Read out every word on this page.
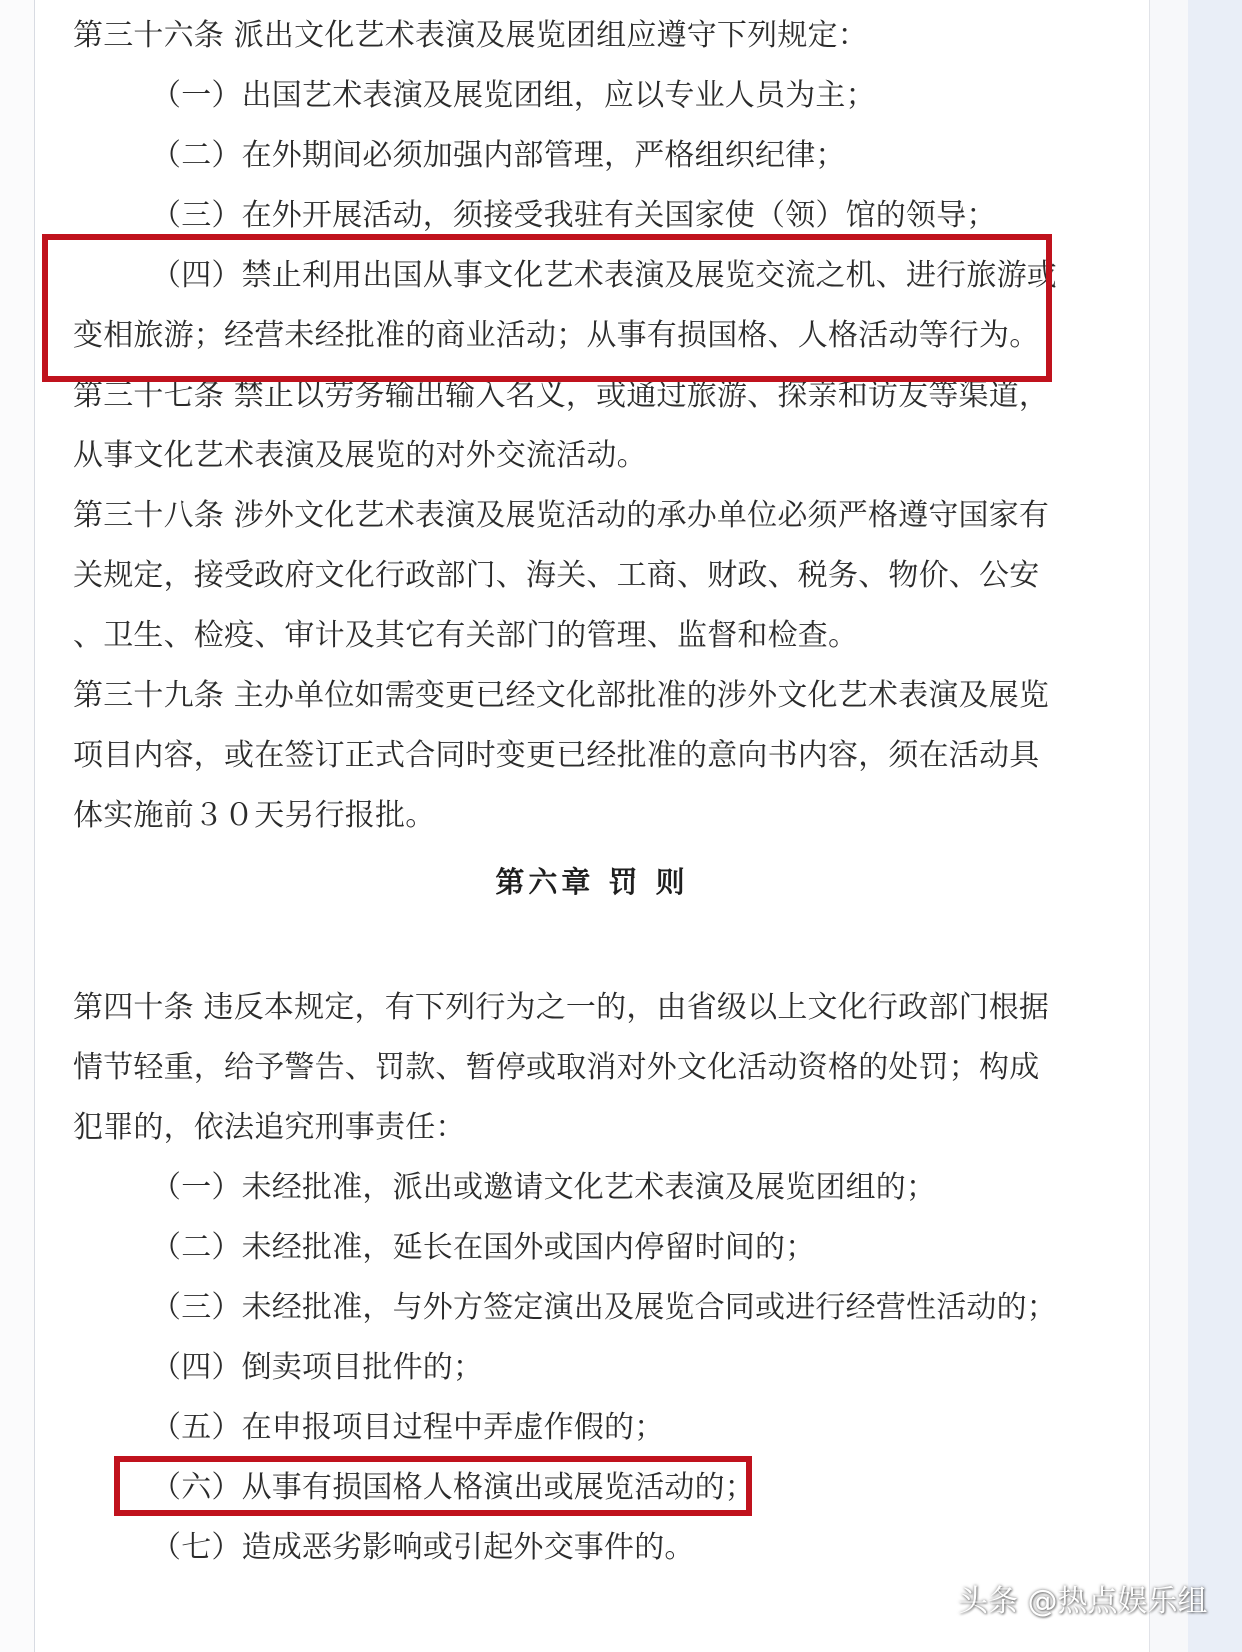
第三十六条 派出文化艺术表演及展览团组应遵守下列规定：
（一）出国艺术表演及展览团组，应以专业人员为主；
（二）在外期间必须加强内部管理，严格组织纪律；
（三）在外开展活动，须接受我驻有关国家使（领）馆的领导；
（四）禁止利用出国从事文化艺术表演及展览交流之机、进行旅游或
变相旅游；经营未经批准的商业活动；从事有损国格、人格活动等行为。
第三十七条 禁止以劳务输出输入名义，或通过旅游、探亲和访友等渠道，
从事文化艺术表演及展览的对外交流活动。
第三十八条 涉外文化艺术表演及展览活动的承办单位必须严格遵守国家有
关规定，接受政府文化行政部门、海关、工商、财政、税务、物价、公安
、卫生、检疫、审计及其它有关部门的管理、监督和检查。
第三十九条 主办单位如需变更已经文化部批准的涉外文化艺术表演及展览
项目内容，或在签订正式合同时变更已经批准的意向书内容，须在活动具
体实施前３０天另行报批。
第六章 罚 则
第四十条 违反本规定，有下列行为之一的，由省级以上文化行政部门根据
情节轻重，给予警告、罚款、暂停或取消对外文化活动资格的处罚；构成
犯罪的，依法追究刑事责任：
（一）未经批准，派出或邀请文化艺术表演及展览团组的；
（二）未经批准，延长在国外或国内停留时间的；
（三）未经批准，与外方签定演出及展览合同或进行经营性活动的；
（四）倒卖项目批件的；
（五）在申报项目过程中弄虚作假的；
（六）从事有损国格人格演出或展览活动的；
（七）造成恶劣影响或引起外交事件的。
头条 @热点娱乐组
